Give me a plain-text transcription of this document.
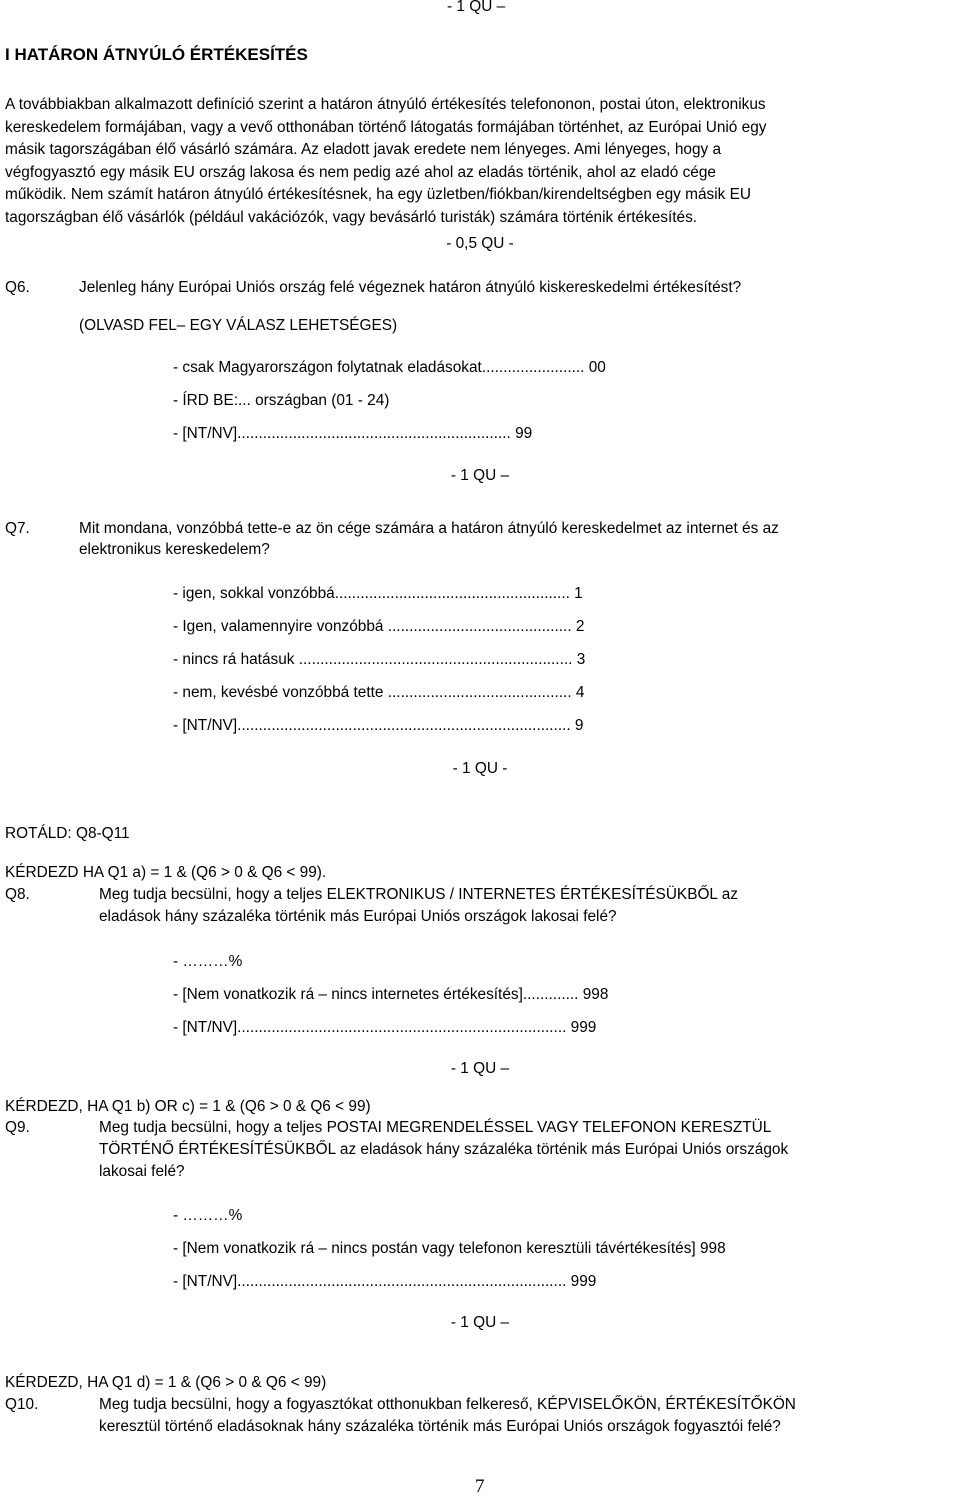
- 1 QU –
I HATÁRON ÁTNYÚLÓ ÉRTÉKESÍTÉS
A továbbiakban alkalmazott definíció szerint a határon átnyúló értékesítés telefononon, postai úton, elektronikus
kereskedelem formájában, vagy a vevő otthonában történő látogatás formájában történhet, az Európai Unió egy
másik tagországában élő vásárló számára. Az eladott javak eredete nem lényeges. Ami lényeges, hogy a
végfogyasztó egy másik EU ország lakosa és nem pedig azé ahol az eladás történik, ahol az eladó cége
működik. Nem számít határon átnyúló értékesítésnek, ha egy üzletben/fiókban/kirendeltségben egy másik EU
tagországban élő vásárlók (például vakációzók, vagy bevásárló turisták) számára történik értékesítés.
- 0,5 QU -
Q6.	Jelenleg hány Európai Uniós ország felé végeznek határon átnyúló kiskereskedelmi értékesítést?
(OLVASD FEL– EGY VÁLASZ LEHETSÉGES)
- csak Magyarországon folytatnak eladásokat........................ 00
- ÍRD BE:... országban (01 - 24)
- [NT/NV]................................................................ 99
- 1 QU –
Q7.	Mit mondana, vonzóbbá tette-e az ön cége számára a határon átnyúló kereskedelmet az internet és az
elektronikus kereskedelem?
- igen, sokkal vonzóbbá....................................................... 1
- Igen, valamennyire vonzóbbá ........................................... 2
- nincs rá hatásuk ................................................................ 3
- nem, kevésbé vonzóbbá tette ........................................... 4
- [NT/NV].............................................................................. 9
- 1 QU -
ROTÁLD: Q8-Q11
KÉRDEZD HA Q1 a) = 1 & (Q6 > 0 & Q6 < 99).
Q8.	Meg tudja becsülni, hogy a teljes ELEKTRONIKUS / INTERNETES ÉRTÉKESÍTÉSÜKBŐL az
eladások hány százaléka történik más Európai Uniós országok lakosai felé?
- ………%
- [Nem vonatkozik rá – nincs internetes értékesítés]............. 998
- [NT/NV]............................................................................. 999
- 1 QU –
KÉRDEZD, HA Q1 b) OR c) = 1 & (Q6 > 0 & Q6 < 99)
Q9.	Meg tudja becsülni, hogy a teljes POSTAI MEGRENDELÉSSEL VAGY TELEFONON KERESZTÜL
TÖRTÉNŐ ÉRTÉKESÍTÉSÜKBŐL az eladások hány százaléka történik más Európai Uniós országok
lakosai felé?
- ………%
- [Nem vonatkozik rá – nincs postán vagy telefonon keresztüli távértékesítés] 998
- [NT/NV]............................................................................. 999
- 1 QU –
KÉRDEZD, HA Q1 d) = 1 & (Q6 > 0 & Q6 < 99)
Q10.	Meg tudja becsülni, hogy a fogyasztókat otthonukban felkereső, KÉPVISELŐKÖN, ÉRTÉKESÍTŐKÖN
keresztül történő eladásoknak hány százaléka történik más Európai Uniós országok fogyasztói felé?
7
